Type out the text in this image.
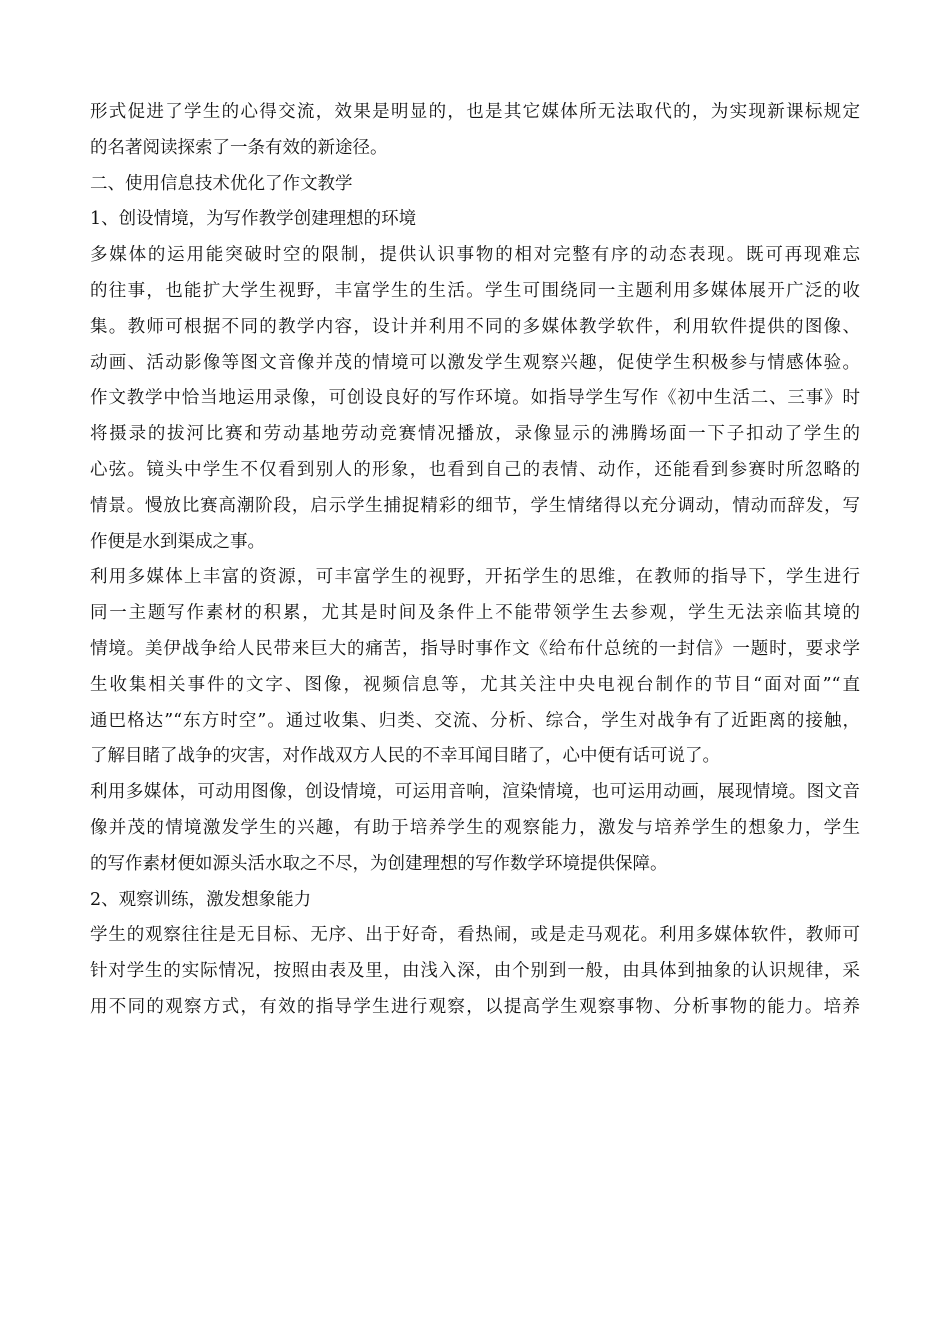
形式促进了学生的心得交流，效果是明显的，也是其它媒体所无法取代的，为实现新课标规定
的名著阅读探索了一条有效的新途径。
二、使用信息技术优化了作文教学
1、创设情境，为写作教学创建理想的环境
多媒体的运用能突破时空的限制，提供认识事物的相对完整有序的动态表现。既可再现难忘
的往事，也能扩大学生视野，丰富学生的生活。学生可围绕同一主题利用多媒体展开广泛的收
集。教师可根据不同的教学内容，设计并利用不同的多媒体教学软件，利用软件提供的图像、
动画、活动影像等图文音像并茂的情境可以激发学生观察兴趣，促使学生积极参与情感体验。
作文教学中恰当地运用录像，可创设良好的写作环境。如指导学生写作《初中生活二、三事》时
将摄录的拔河比赛和劳动基地劳动竞赛情况播放，录像显示的沸腾场面一下子扣动了学生的
心弦。镜头中学生不仅看到别人的形象，也看到自己的表情、动作，还能看到参赛时所忽略的
情景。慢放比赛高潮阶段，启示学生捕捉精彩的细节，学生情绪得以充分调动，情动而辞发，写
作便是水到渠成之事。
利用多媒体上丰富的资源，可丰富学生的视野，开拓学生的思维，在教师的指导下，学生进行
同一主题写作素材的积累，尤其是时间及条件上不能带领学生去参观，学生无法亲临其境的
情境。美伊战争给人民带来巨大的痛苦，指导时事作文《给布什总统的一封信》一题时，要求学
生收集相关事件的文字、图像，视频信息等，尤其关注中央电视台制作的节目“面对面”“直
通巴格达”“东方时空”。通过收集、归类、交流、分析、综合，学生对战争有了近距离的接触，
了解目睹了战争的灾害，对作战双方人民的不幸耳闻目睹了，心中便有话可说了。
利用多媒体，可动用图像，创设情境，可运用音响，渲染情境，也可运用动画，展现情境。图文音
像并茂的情境激发学生的兴趣，有助于培养学生的观察能力，激发与培养学生的想象力，学生
的写作素材便如源头活水取之不尽，为创建理想的写作数学环境提供保障。
2、观察训练，激发想象能力
学生的观察往往是无目标、无序、出于好奇，看热闹，或是走马观花。利用多媒体软件，教师可
针对学生的实际情况，按照由表及里，由浅入深，由个别到一般，由具体到抽象的认识规律，采
用不同的观察方式，有效的指导学生进行观察，以提高学生观察事物、分析事物的能力。培养
